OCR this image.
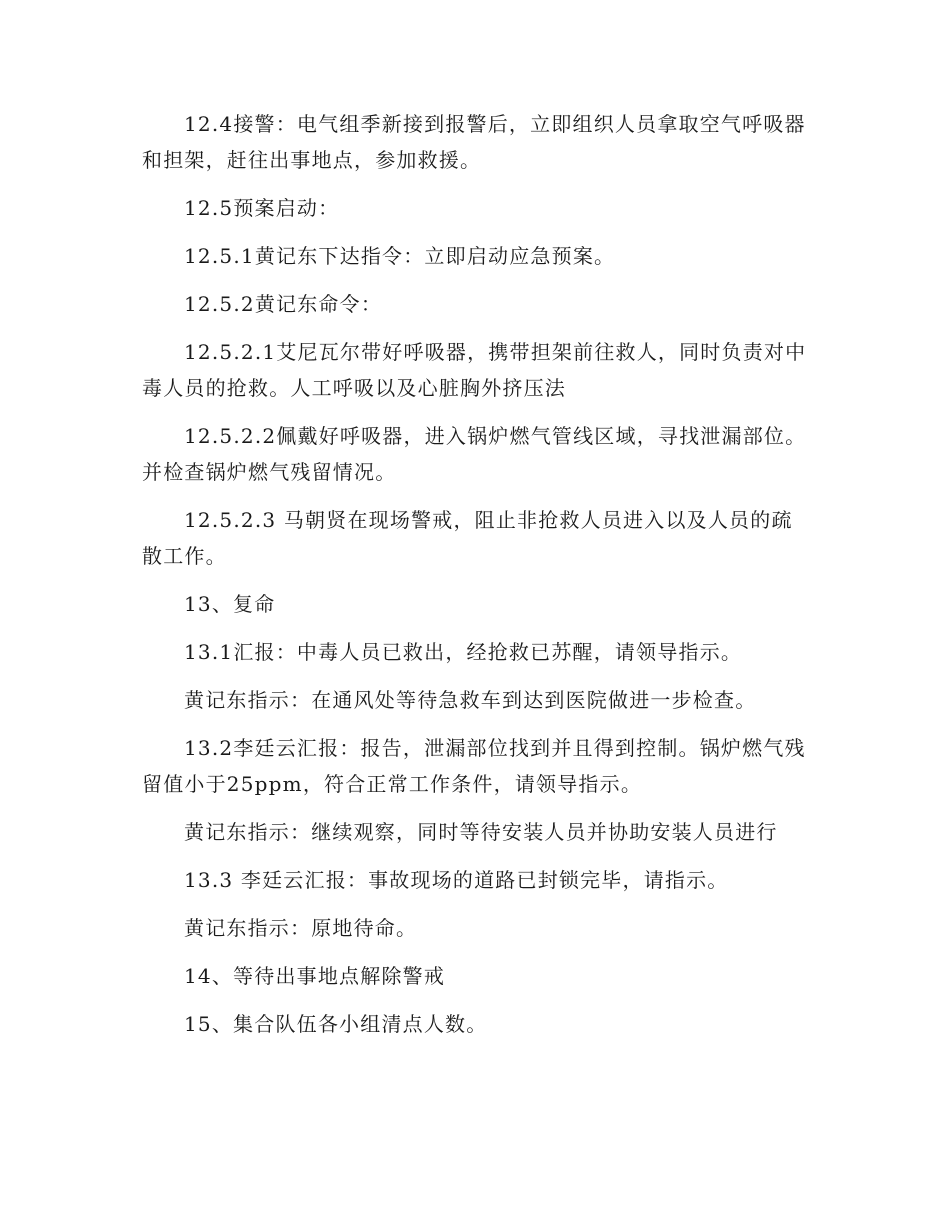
12.4接警：电气组季新接到报警后，立即组织人员拿取空气呼吸器和担架，赶往出事地点，参加救援。

12.5预案启动：

12.5.1黄记东下达指令：立即启动应急预案。

12.5.2黄记东命令：

12.5.2.1艾尼瓦尔带好呼吸器，携带担架前往救人，同时负责对中毒人员的抢救。人工呼吸以及心脏胸外挤压法

12.5.2.2佩戴好呼吸器，进入锅炉燃气管线区域，寻找泄漏部位。并检查锅炉燃气残留情况。

12.5.2.3 马朝贤在现场警戒，阻止非抢救人员进入以及人员的疏散工作。

13、复命

13.1汇报：中毒人员已救出，经抢救已苏醒，请领导指示。

黄记东指示：在通风处等待急救车到达到医院做进一步检查。

13.2李廷云汇报：报告，泄漏部位找到并且得到控制。锅炉燃气残留值小于25ppm，符合正常工作条件，请领导指示。

黄记东指示：继续观察，同时等待安装人员并协助安装人员进行

13.3 李廷云汇报：事故现场的道路已封锁完毕，请指示。

黄记东指示：原地待命。

14、等待出事地点解除警戒

15、集合队伍各小组清点人数。
